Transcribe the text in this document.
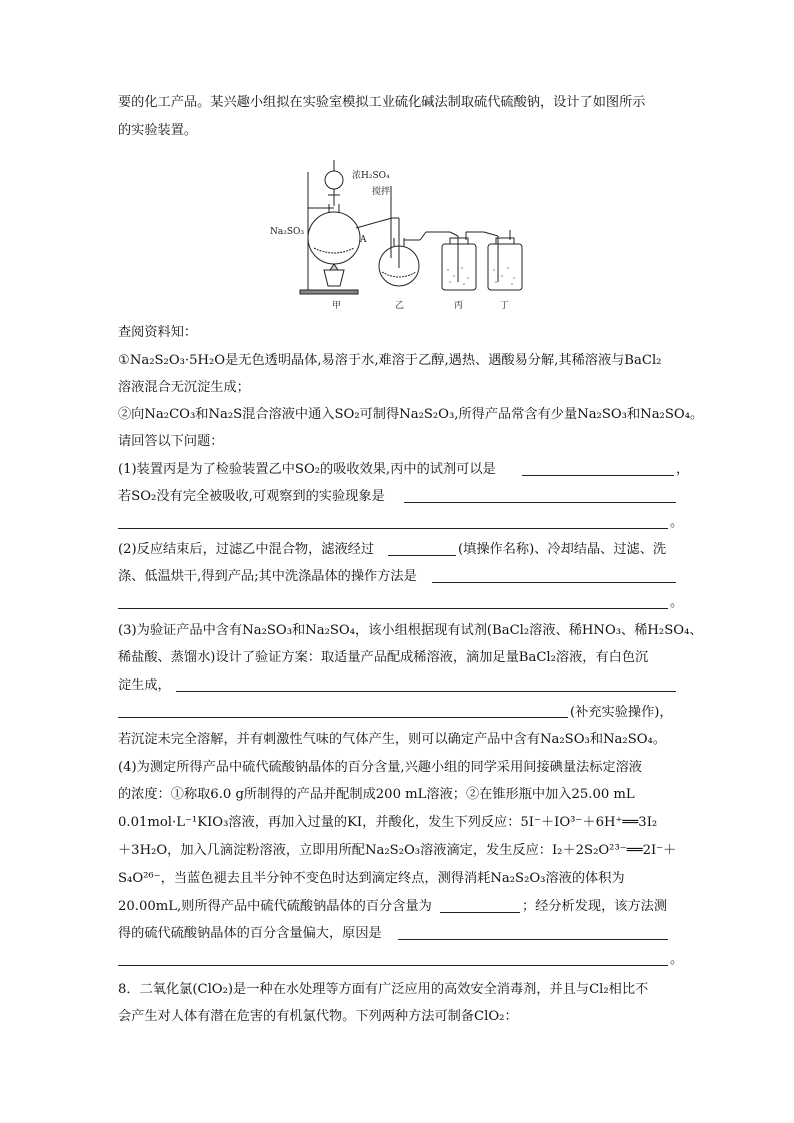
要的化工产品。某兴趣小组拟在实验室模拟工业硫化碱法制取硫代硫酸钠，设计了如图所示
的实验装置。
浓H₂SO₄
搅拌
Na₂SO₃
A
甲	乙	丙	丁
查阅资料知：
①Na₂S₂O₃·5H₂O是无色透明晶体,易溶于水,难溶于乙醇,遇热、遇酸易分解,其稀溶液与BaCl₂
溶液混合无沉淀生成；
②向Na₂CO₃和Na₂S混合溶液中通入SO₂可制得Na₂S₂O₃,所得产品常含有少量Na₂SO₃和Na₂SO₄。
请回答以下问题：
(1)装置丙是为了检验装置乙中SO₂的吸收效果,丙中的试剂可以是	，
若SO₂没有完全被吸收,可观察到的实验现象是
。
(2)反应结束后，过滤乙中混合物，滤液经过	(填操作名称)、冷却结晶、过滤、洗
涤、低温烘干,得到产品;其中洗涤晶体的操作方法是
。
(3)为验证产品中含有Na₂SO₃和Na₂SO₄，该小组根据现有试剂(BaCl₂溶液、稀HNO₃、稀H₂SO₄、
稀盐酸、蒸馏水)设计了验证方案：取适量产品配成稀溶液，滴加足量BaCl₂溶液，有白色沉
淀生成，
(补充实验操作)，
若沉淀未完全溶解，并有刺激性气味的气体产生，则可以确定产品中含有Na₂SO₃和Na₂SO₄。
(4)为测定所得产品中硫代硫酸钠晶体的百分含量,兴趣小组的同学采用间接碘量法标定溶液
的浓度：①称取6.0 g所制得的产品并配制成200 mL溶液；②在锥形瓶中加入25.00 mL
0.01mol·L⁻¹KIO₃溶液，再加入过量的KI，并酸化，发生下列反应：5I⁻＋IO³⁻＋6H⁺══3I₂
＋3H₂O，加入几滴淀粉溶液，立即用所配Na₂S₂O₃溶液滴定，发生反应：I₂＋2S₂O²³⁻══2I⁻＋
S₄O²⁶⁻，当蓝色褪去且半分钟不变色时达到滴定终点，测得消耗Na₂S₂O₃溶液的体积为
20.00mL,则所得产品中硫代硫酸钠晶体的百分含量为	；经分析发现，该方法测
得的硫代硫酸钠晶体的百分含量偏大，原因是
。
8．二氧化氯(ClO₂)是一种在水处理等方面有广泛应用的高效安全消毒剂，并且与Cl₂相比不
会产生对人体有潜在危害的有机氯代物。下列两种方法可制备ClO₂：
